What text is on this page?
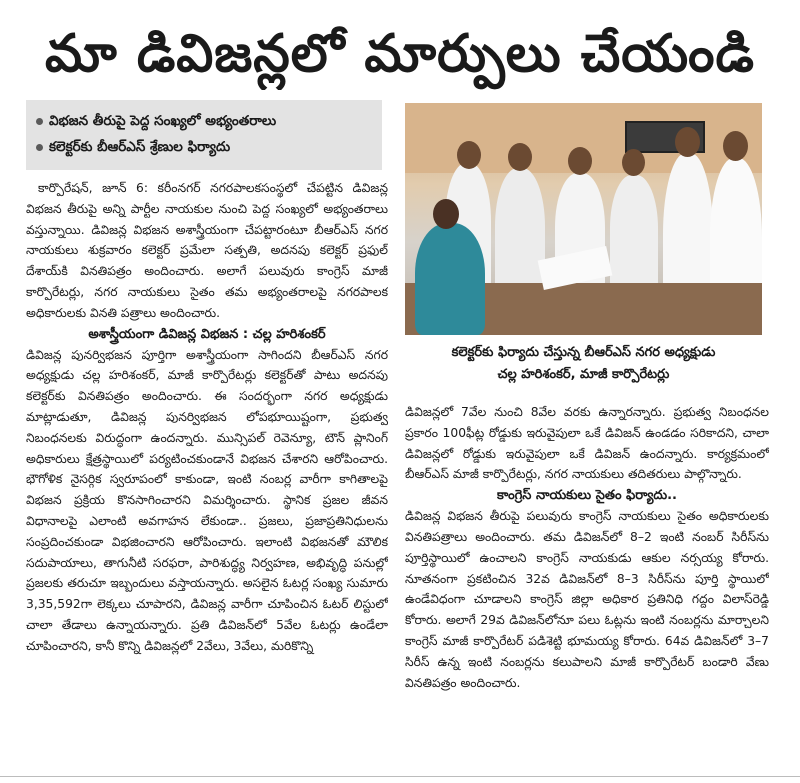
మా డివిజన్లలో మార్పులు చేయండి
విభజన తీరుపై పెద్ద సంఖ్యలో అభ్యంతరాలు
కలెక్టర్‌కు బీఆర్ఎస్ శ్రేణుల ఫిర్యాదు

కార్పొరేషన్, జూన్ 6: కరీంనగర్ నగరపాలకసంస్థలో చేపట్టిన డివిజన్ల విభజన తీరుపై అన్ని పార్టీల నాయకుల నుంచి పెద్ద సంఖ్యలో అభ్యంతరాలు వస్తున్నాయి. డివిజన్ల విభజన అశాస్త్రీయంగా చేపట్టారంటూ బీఆర్ఎస్ నగర నాయకులు శుక్రవారం కలెక్టర్ ప్రమేలా సత్పతి, అదనపు కలెక్టర్ ప్రఫుల్ దేశాయ్‌కి వినతిపత్రం అందించారు. అలాగే పలువురు కాంగ్రెస్ మాజీ కార్పొరేటర్లు, నగర నాయకులు సైతం తమ అభ్యంతరాలపై నగరపాలక అధికారులకు వినతి పత్రాలు అందించారు.

అశాస్త్రీయంగా డివిజన్ల విభజన : చల్ల హరిశంకర్

డివిజన్ల పునర్విభజన పూర్తిగా అశాస్త్రీయంగా సాగిందని బీఆర్ఎస్ నగర అధ్యక్షుడు చల్ల హరిశంకర్, మాజీ కార్పొరేటర్లు కలెక్టర్‌తో పాటు అదనపు కలెక్టర్‌కు వినతిపత్రం అందించారు. ఈ సందర్భంగా నగర అధ్యక్షుడు మాట్లాడుతూ, డివిజన్ల పునర్విభజన లోపభూయిష్టంగా, ప్రభుత్వ నిబంధనలకు విరుద్ధంగా ఉందన్నారు. మున్సిపల్ రెవెన్యూ, టౌన్ ప్లానింగ్ అధికారులు క్షేత్రస్థాయిలో పర్యటించకుండానే విభజన చేశారని ఆరోపించారు. భౌగోళిక నైసర్గిక స్వరూపంలో కాకుండా, ఇంటి నంబర్ల వారీగా కాగితాలపై విభజన ప్రక్రియ కొనసాగించారని విమర్శించారు. స్థానిక ప్రజల జీవన విధానాలపై ఎలాంటి అవగాహన లేకుండా.. ప్రజలు, ప్రజాప్రతినిధులను సంప్రదించకుండా విభజించారని ఆరోపించారు. ఇలాంటి విభజనతో మౌలిక సదుపాయాలు, తాగునీటి సరఫరా, పారిశుద్ధ్య నిర్వహణ, అభివృద్ధి పనుల్లో ప్రజలకు తరుచూ ఇబ్బందులు వస్తాయన్నారు. అసలైన ఓటర్ల సంఖ్య సుమారు 3,35,592గా లెక్కలు చూపారని, డివిజన్ల వారీగా చూపించిన ఓటర్ లిస్టులో చాలా తేడాలు ఉన్నాయన్నారు. ప్రతి డివిజన్‌లో 5వేల ఓటర్లు ఉండేలా చూపించారని, కానీ కొన్ని డివిజన్లలో 2వేలు, 3వేలు, మరికొన్ని

కలెక్టర్‌కు ఫిర్యాదు చేస్తున్న బీఆర్ఎస్ నగర అధ్యక్షుడు
చల్ల హరిశంకర్, మాజీ కార్పొరేటర్లు

డివిజన్లలో 7వేల నుంచి 8వేల వరకు ఉన్నారన్నారు. ప్రభుత్వ నిబంధనల ప్రకారం 100ఫీట్ల రోడ్డుకు ఇరువైపులా ఒకే డివిజన్ ఉండడం సరికాదని, చాలా డివిజన్లలో రోడ్డుకు ఇరువైపులా ఒకే డివిజన్ ఉందన్నారు. కార్యక్రమంలో బీఆర్ఎస్ మాజీ కార్పొరేటర్లు, నగర నాయకులు తదితరులు పాల్గొన్నారు.

కాంగ్రెస్ నాయకులు సైతం ఫిర్యాదు..

డివిజన్ల విభజన తీరుపై పలువురు కాంగ్రెస్ నాయకులు సైతం అధికారులకు వినతిపత్రాలు అందించారు. తమ డివిజన్‌లో 8–2 ఇంటి నంబర్ సిరీస్‌ను పూర్తిస్థాయిలో ఉంచాలని కాంగ్రెస్ నాయకుడు ఆకుల నర్సయ్య కోరారు. నూతనంగా ప్రకటించిన 32వ డివిజన్‌లో 8–3 సిరీస్‌ను పూర్తి స్థాయిలో ఉండేవిధంగా చూడాలని కాంగ్రెస్ జిల్లా అధికార ప్రతినిధి గద్దం విలాస్‌రెడ్డి కోరారు. అలాగే 29వ డివిజన్‌లోనూ పలు ఓట్లను ఇంటి నంబర్లను మార్చాలని కాంగ్రెస్ మాజీ కార్పొరేటర్ పడిశెట్టి భూమయ్య కోరారు. 64వ డివిజన్‌లో 3–7 సిరీస్ ఉన్న ఇంటి నంబర్లను కలుపాలని మాజీ కార్పొరేటర్ బండారి వేణు వినతిపత్రం అందించారు.
